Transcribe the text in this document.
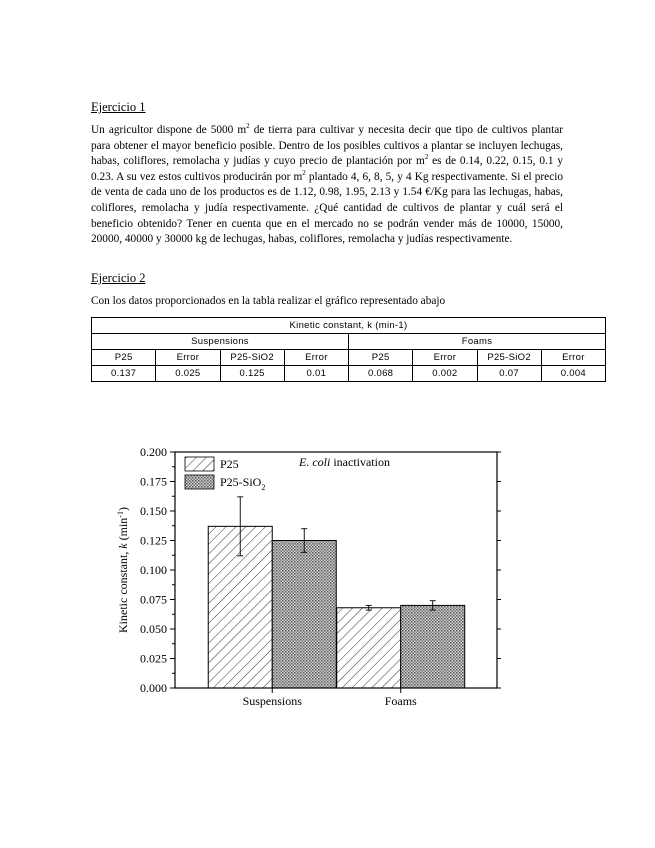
Ejercicio 1

Un agricultor dispone de 5000 $m^2$ de tierra para cultivar y necesita decir que tipo de cultivos plantar para obtener el mayor beneficio posible. Dentro de los posibles cultivos a plantar se incluyen lechugas, habas, coliflores, remolacha y judías y cuyo precio de plantación por $m^2$ es de 0.14, 0.22, 0.15, 0.1 y 0.23. A su vez estos cultivos producirán por $m^2$ plantado 4, 6, 8, 5, y 4 Kg respectivamente. Si el precio de venta de cada uno de los productos es de 1.12, 0.98, 1.95, 2.13 y 1.54 €/Kg para las lechugas, habas, coliflores, remolacha y judía respectivamente. ¿Qué cantidad de cultivos de plantar y cuál será el beneficio obtenido? Tener en cuenta que en el mercado no se podrán vender más de 10000, 15000, 20000, 40000 y 30000 kg de lechugas, habas, coliflores, remolacha y judías respectivamente.

Ejercicio 2
Con los datos proporcionados en la tabla realizar el gráfico representado abajo
Kinetic constant, k (min-1)							
Suspensions				Foams			
P25	Error	P25-SiO2	Error	P25	Error	P25-SiO2	Error
0.137	0.025	0.125	0.01	0.068	0.002	0.07	0.004
0.000
0.025
0.050
0.075
0.100
0.125
0.150
0.175
0.200
Suspensions	Foams
P25
P25-SiO$_2$
E. coli inactivation
Kinetic constant, k $(\min^{-1})$
